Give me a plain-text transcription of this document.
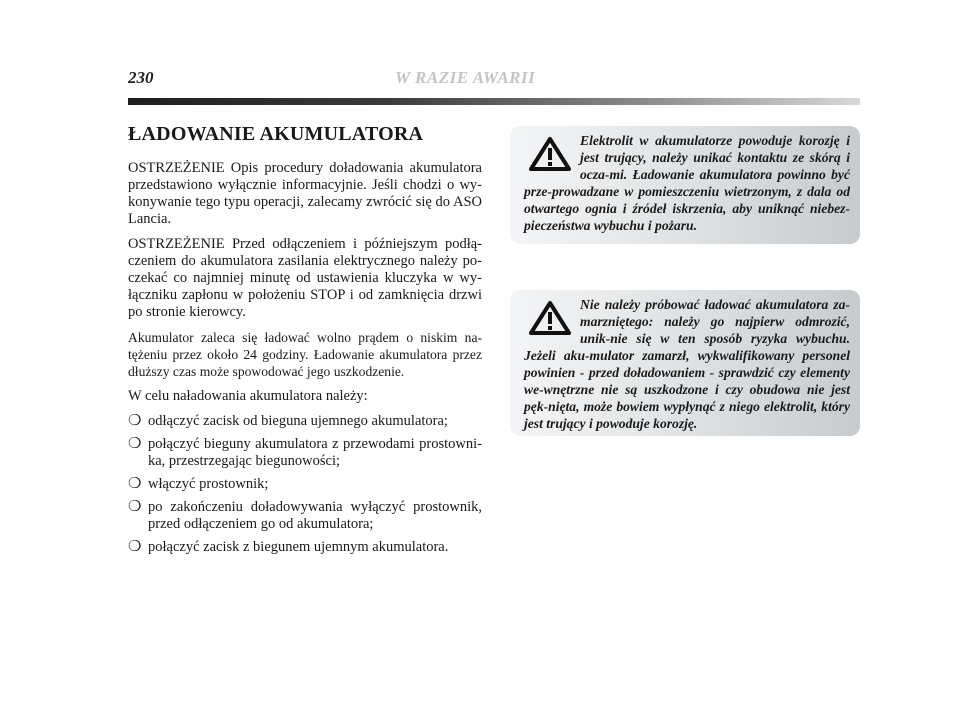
230	W RAZIE AWARII
ŁADOWANIE AKUMULATORA

OSTRZEŻENIE Opis procedury doładowania akumulatora przedstawiono wyłącznie informacyjnie. Jeśli chodzi o wy-konywanie tego typu operacji, zalecamy zwrócić się do ASO Lancia.

OSTRZEŻENIE Przed odłączeniem i późniejszym podłą-czeniem do akumulatora zasilania elektrycznego należy po-czekać co najmniej minutę od ustawienia kluczyka w wy-łączniku zapłonu w położeniu STOP i od zamknięcia drzwi po stronie kierowcy.

Akumulator zaleca się ładować wolno prądem o niskim na-tężeniu przez około 24 godziny. Ładowanie akumulatora przez dłuższy czas może spowodować jego uszkodzenie.

W celu naładowania akumulatora należy:

❍ odłączyć zacisk od bieguna ujemnego akumulatora;
❍ połączyć bieguny akumulatora z przewodami prostowni-ka, przestrzegając biegunowości;
❍ włączyć prostownik;
❍ po zakończeniu doładowywania wyłączyć prostownik, przed odłączeniem go od akumulatora;
❍ połączyć zacisk z biegunem ujemnym akumulatora.
Elektrolit w akumulatorze powoduje korozję i jest trujący, należy unikać kontaktu ze skórą i ocza-mi. Ładowanie akumulatora powinno być prze-prowadzane w pomieszczeniu wietrzonym, z dala od otwartego ognia i źródeł iskrzenia, aby uniknąć niebez-pieczeństwa wybuchu i pożaru.
Nie należy próbować ładować akumulatora za-marzniętego: należy go najpierw odmrozić, unik-nie się w ten sposób ryzyka wybuchu. Jeżeli aku-mulator zamarzł, wykwalifikowany personel powinien - przed doładowaniem - sprawdzić czy elementy we-wnętrzne nie są uszkodzone i czy obudowa nie jest pęk-nięta, może bowiem wypłynąć z niego elektrolit, który jest trujący i powoduje korozję.
